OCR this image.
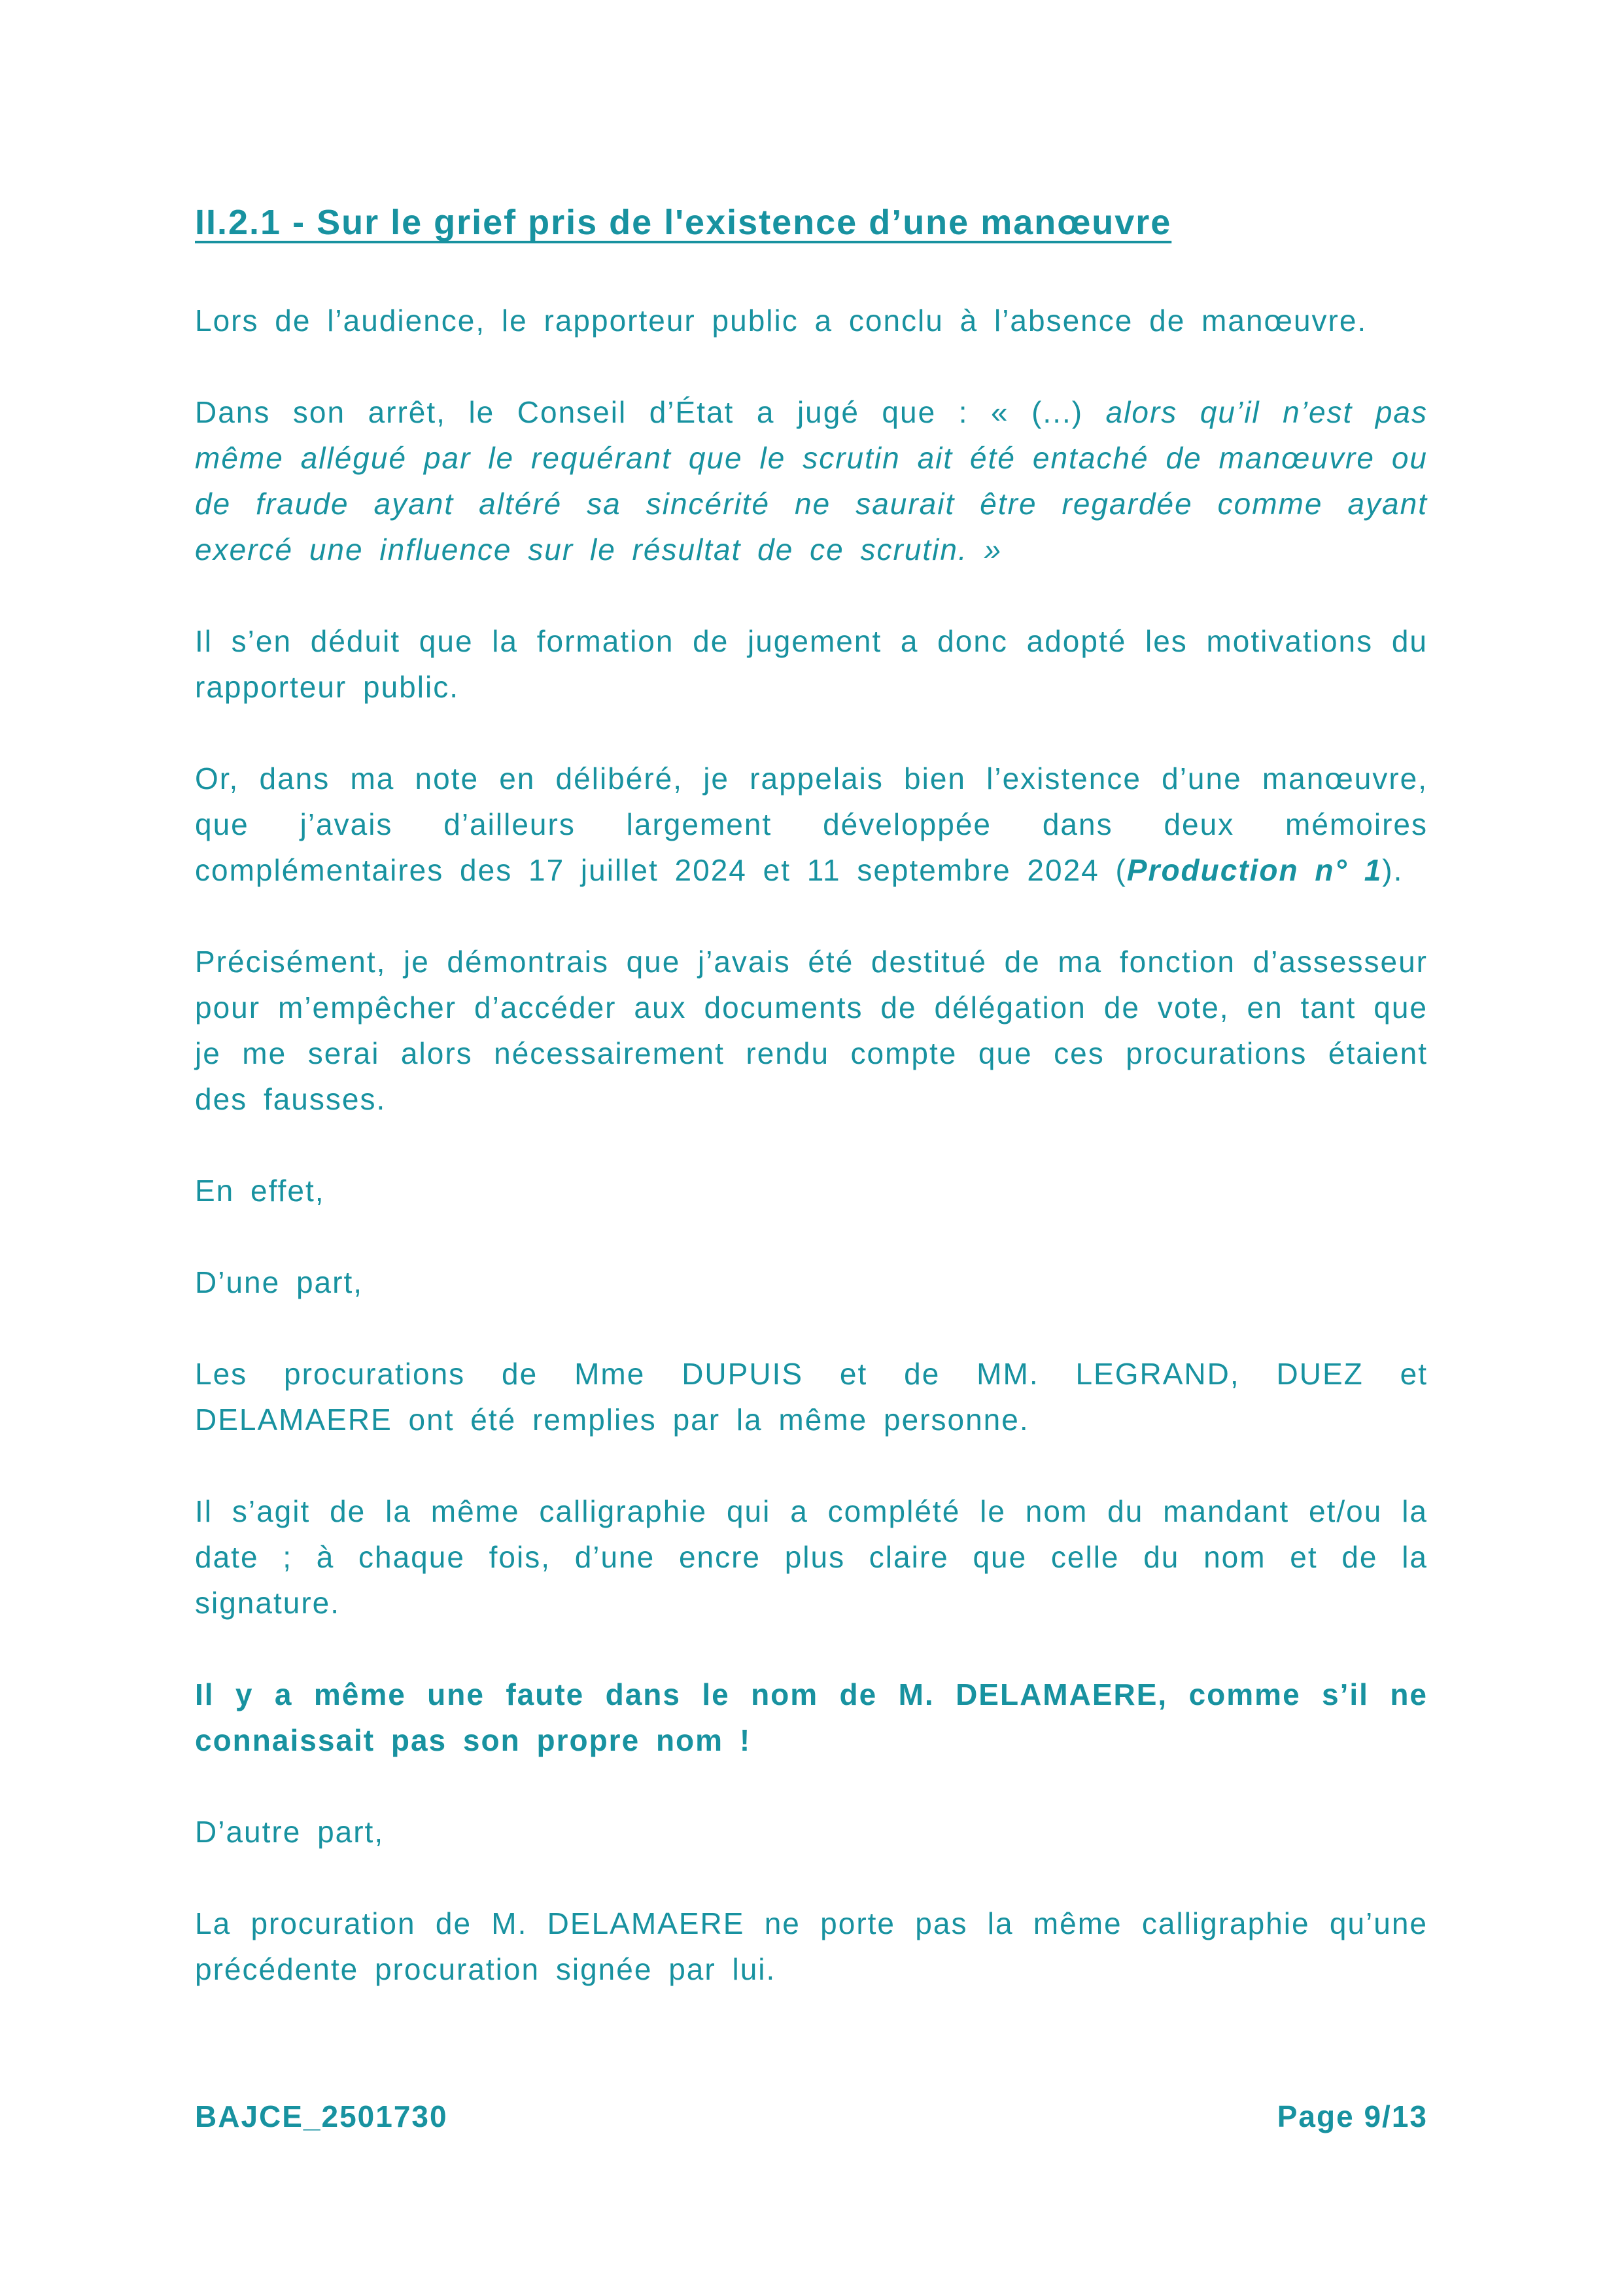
II.2.1 - Sur le grief pris de l'existence d’une manœuvre

Lors de l’audience, le rapporteur public a conclu à l’absence de manœuvre.

Dans son arrêt, le Conseil d’État a jugé que : « (...) alors qu’il n’est pas même allégué par le requérant que le scrutin ait été entaché de manœuvre ou de fraude ayant altéré sa sincérité ne saurait être regardée comme ayant exercé une influence sur le résultat de ce scrutin. »

Il s’en déduit que la formation de jugement a donc adopté les motivations du rapporteur public.

Or, dans ma note en délibéré, je rappelais bien l’existence d’une manœuvre, que j’avais d’ailleurs largement développée dans deux mémoires complémentaires des 17 juillet 2024 et 11 septembre 2024 (Production n° 1).

Précisément, je démontrais que j’avais été destitué de ma fonction d’assesseur pour m’empêcher d’accéder aux documents de délégation de vote, en tant que je me serai alors nécessairement rendu compte que ces procurations étaient des fausses.

En effet,

D’une part,

Les procurations de Mme DUPUIS et de MM. LEGRAND, DUEZ et DELAMAERE ont été remplies par la même personne.

Il s’agit de la même calligraphie qui a complété le nom du mandant et/ou la date ; à chaque fois, d’une encre plus claire que celle du nom et de la signature.

Il y a même une faute dans le nom de M. DELAMAERE, comme s’il ne connaissait pas son propre nom !

D’autre part,

La procuration de M. DELAMAERE ne porte pas la même calligraphie qu’une précédente procuration signée par lui.

BAJCE_2501730	Page 9/13
